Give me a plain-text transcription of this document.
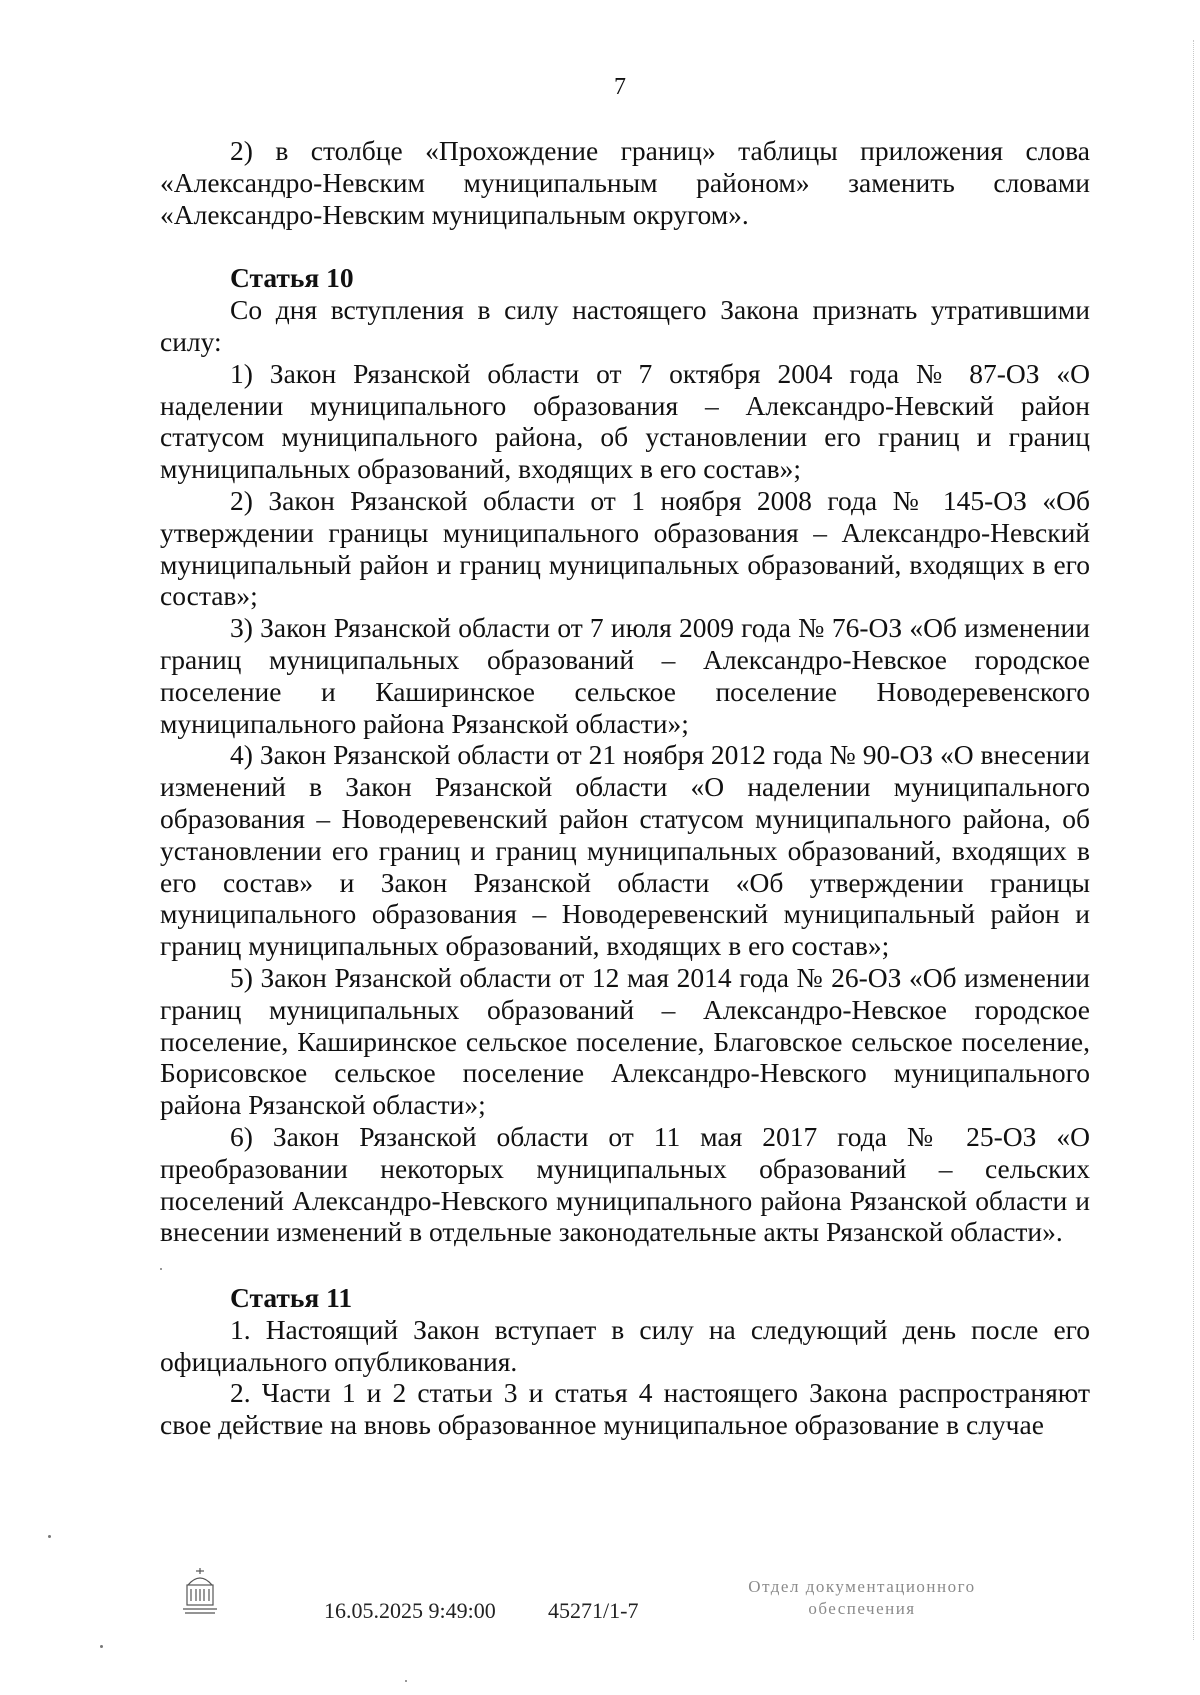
7

2) в столбце «Прохождение границ» таблицы приложения слова «Александро-Невским муниципальным районом» заменить словами «Александро-Невским муниципальным округом».

Статья 10

Со дня вступления в силу настоящего Закона признать утратившими силу:

1) Закон Рязанской области от 7 октября 2004 года № 87-ОЗ «О наделении муниципального образования – Александро-Невский район статусом муниципального района, об установлении его границ и границ муниципальных образований, входящих в его состав»;

2) Закон Рязанской области от 1 ноября 2008 года № 145-ОЗ «Об утверждении границы муниципального образования – Александро-Невский муниципальный район и границ муниципальных образований, входящих в его состав»;

3) Закон Рязанской области от 7 июля 2009 года № 76-ОЗ «Об изменении границ муниципальных образований – Александро-Невское городское поселение и Каширинское сельское поселение Новодеревенского муниципального района Рязанской области»;

4) Закон Рязанской области от 21 ноября 2012 года № 90-ОЗ «О внесении изменений в Закон Рязанской области «О наделении муниципального образования – Новодеревенский район статусом муниципального района, об установлении его границ и границ муниципальных образований, входящих в его состав» и Закон Рязанской области «Об утверждении границы муниципального образования – Новодеревенский муниципальный район и границ муниципальных образований, входящих в его состав»;

5) Закон Рязанской области от 12 мая 2014 года № 26-ОЗ «Об изменении границ муниципальных образований – Александро-Невское городское поселение, Каширинское сельское поселение, Благовское сельское поселение, Борисовское сельское поселение Александро-Невского муниципального района Рязанской области»;

6) Закон Рязанской области от 11 мая 2017 года № 25-ОЗ «О преобразовании некоторых муниципальных образований – сельских поселений Александро-Невского муниципального района Рязанской области и внесении изменений в отдельные законодательные акты Рязанской области».

Статья 11

1. Настоящий Закон вступает в силу на следующий день после его официального опубликования.

2. Части 1 и 2 статьи 3 и статья 4 настоящего Закона распространяют свое действие на вновь образованное муниципальное образование в случае

16.05.2025 9:49:00 45271/1-7
Отдел документационного
обеспечения
